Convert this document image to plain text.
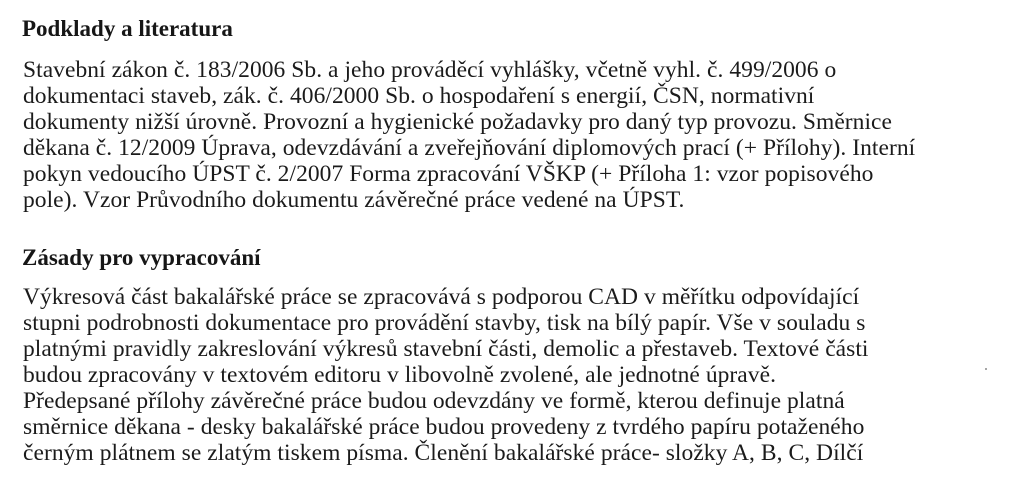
Podklady a literatura

Stavební zákon č. 183/2006 Sb. a jeho prováděcí vyhlášky, včetně vyhl. č. 499/2006 o

dokumentaci staveb, zák. č. 406/2000 Sb. o hospodaření s energií, ČSN, normativní

dokumenty nižší úrovně. Provozní a hygienické požadavky pro daný typ provozu. Směrnice

děkana č. 12/2009 Úprava, odevzdávání a zveřejňování diplomových prací (+ Přílohy). Interní

pokyn vedoucího ÚPST č. 2/2007 Forma zpracování VŠKP (+ Příloha 1: vzor popisového

pole). Vzor Průvodního dokumentu závěrečné práce vedené na ÚPST.

Zásady pro vypracování

Výkresová část bakalářské práce se zpracovává s podporou CAD v měřítku odpovídající

stupni podrobnosti dokumentace pro provádění stavby, tisk na bílý papír. Vše v souladu s

platnými pravidly zakreslování výkresů stavební části, demolic a přestaveb. Textové části

budou zpracovány v textovém editoru v libovolně zvolené, ale jednotné úpravě.

Předepsané přílohy závěrečné práce budou odevzdány ve formě, kterou definuje platná

směrnice děkana - desky bakalářské práce budou provedeny z tvrdého papíru potaženého

černým plátnem se zlatým tiskem písma. Členění bakalářské práce- složky A, B, C, Dílčí
